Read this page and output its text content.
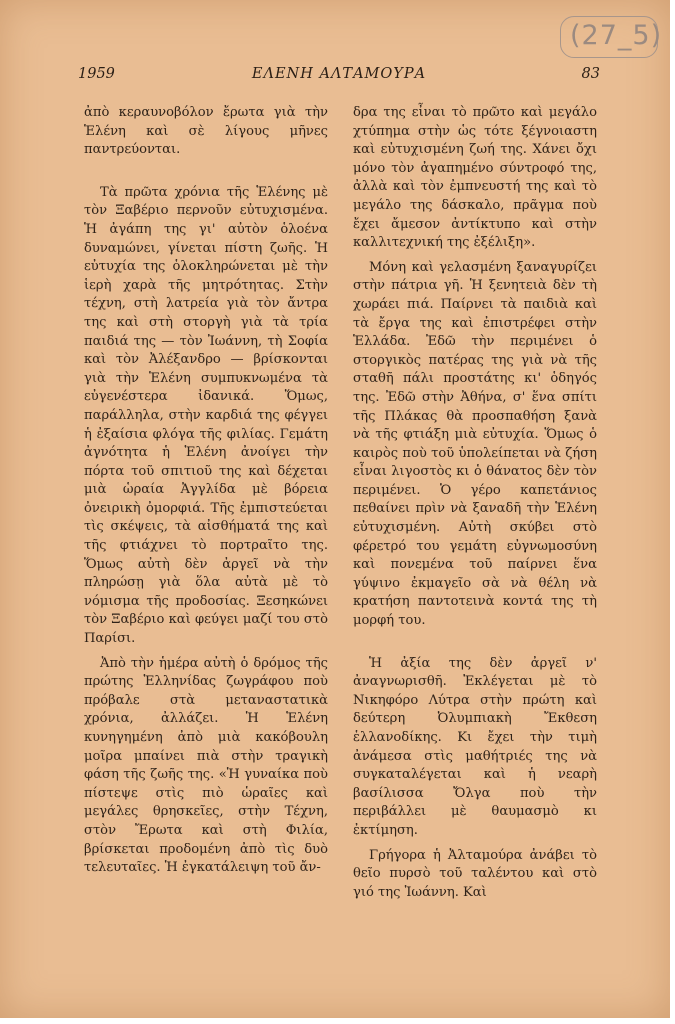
(27_5)
1959	ΕΛΕΝΗ ΑΛΤΑΜΟΥΡΑ	83

ἀπὸ κεραυνοβόλον ἔρωτα γιὰ τὴν Ἑλένη καὶ σὲ λίγους μῆνες παντρεύονται.

Τὰ πρῶτα χρόνια τῆς Ἑλένης μὲ τὸν Ξαβέριο περνοῦν εὐτυχισμένα. Ἡ ἀγάπη της γι' αὐτὸν ὁλοένα δυναμώνει, γίνεται πίστη ζωῆς. Ἡ εὐτυχία της ὁλοκληρώνεται μὲ τὴν ἱερὴ χαρὰ τῆς μητρότητας. Στὴν τέχνη, στὴ λατρεία γιὰ τὸν ἄντρα της καὶ στὴ στοργὴ γιὰ τὰ τρία παιδιά της — τὸν Ἰωάννη, τὴ Σοφία καὶ τὸν Ἀλέξανδρο — βρίσκονται γιὰ τὴν Ἑλένη συμπυκνωμένα τὰ εὐγενέστερα ἰδανικά. Ὅμως, παράλληλα, στὴν καρδιά της φέγγει ἡ ἐξαίσια φλόγα τῆς φιλίας. Γεμάτη ἀγνότητα ἡ Ἑλένη ἀνοίγει τὴν πόρτα τοῦ σπιτιοῦ της καὶ δέχεται μιὰ ὡραία Ἀγγλίδα μὲ βόρεια ὀνειρικὴ ὀμορφιά. Τῆς ἐμπιστεύεται τὶς σκέψεις, τὰ αἰσθήματά της καὶ τῆς φτιάχνει τὸ πορτραῖτο της. Ὅμως αὐτὴ δὲν ἀργεῖ νὰ τὴν πληρώσῃ γιὰ ὅλα αὐτὰ μὲ τὸ νόμισμα τῆς προδοσίας. Ξεσηκώνει τὸν Ξαβέριο καὶ φεύγει μαζί του στὸ Παρίσι.

Ἀπὸ τὴν ἡμέρα αὐτὴ ὁ δρόμος τῆς πρώτης Ἑλληνίδας ζωγράφου ποὺ πρόβαλε στὰ μεταναστατικὰ χρόνια, ἀλλάζει. Ἡ Ἑλένη κυνηγημένη ἀπὸ μιὰ κακόβουλη μοῖρα μπαίνει πιὰ στὴν τραγικὴ φάση τῆς ζωῆς της. «Ἡ γυναίκα ποὺ πίστεψε στὶς πιὸ ὡραῖες καὶ μεγάλες θρησκεῖες, στὴν Τέχνη, στὸν Ἔρωτα καὶ στὴ Φιλία, βρίσκεται προδομένη ἀπὸ τὶς δυὸ τελευταῖες. Ἡ ἐγκατάλειψη τοῦ ἄν-

δρα της εἶναι τὸ πρῶτο καὶ μεγάλο χτύπημα στὴν ὡς τότε ξέγνοιαστη καὶ εὐτυχισμένη ζωή της. Χάνει ὄχι μόνο τὸν ἀγαπημένο σύντροφό της, ἀλλὰ καὶ τὸν ἐμπνευστή της καὶ τὸ μεγάλο της δάσκαλο, πρᾶγμα ποὺ ἔχει ἄμεσον ἀντίκτυπο καὶ στὴν καλλιτεχνική της ἐξέλιξη».

Μόνη καὶ γελασμένη ξαναγυρίζει στὴν πάτρια γῆ. Ἡ ξενητειὰ δὲν τὴ χωράει πιά. Παίρνει τὰ παιδιὰ καὶ τὰ ἔργα της καὶ ἐπιστρέφει στὴν Ἑλλάδα. Ἐδῶ τὴν περιμένει ὁ στοργικὸς πατέρας της γιὰ νὰ τῆς σταθῆ πάλι προστάτης κι' ὁδηγός της. Ἐδῶ στὴν Ἀθήνα, σ' ἕνα σπίτι τῆς Πλάκας θὰ προσπαθήση ξανὰ νὰ τῆς φτιάξη μιὰ εὐτυχία. Ὅμως ὁ καιρὸς ποὺ τοῦ ὑπολείπεται νὰ ζήση εἶναι λιγοστὸς κι ὁ θάνατος δὲν τὸν περιμένει. Ὁ γέρο καπετάνιος πεθαίνει πρὶν νὰ ξαναδῆ τὴν Ἑλένη εὐτυχισμένη. Αὐτὴ σκύβει στὸ φέρετρό του γεμάτη εὐγνωμοσύνη καὶ πονεμένα τοῦ παίρνει ἕνα γύψινο ἐκμαγεῖο σὰ νὰ θέλη νὰ κρατήση παντοτεινὰ κοντά της τὴ μορφή του.

Ἡ ἀξία της δὲν ἀργεῖ ν' ἀναγνωρισθῆ. Ἐκλέγεται μὲ τὸ Νικηφόρο Λύτρα στὴν πρώτη καὶ δεύτερη Ὀλυμπιακὴ Ἔκθεση ἑλλανοδίκης. Κι ἔχει τὴν τιμὴ ἀνάμεσα στὶς μαθήτριές της νὰ συγκαταλέγεται καὶ ἡ νεαρὴ βασίλισσα Ὄλγα ποὺ τὴν περιβάλλει μὲ θαυμασμὸ κι ἐκτίμηση.

Γρήγορα ἡ Ἀλταμούρα ἀνάβει τὸ θεῖο πυρσὸ τοῦ ταλέντου καὶ στὸ γιό της Ἰωάννη. Καὶ
